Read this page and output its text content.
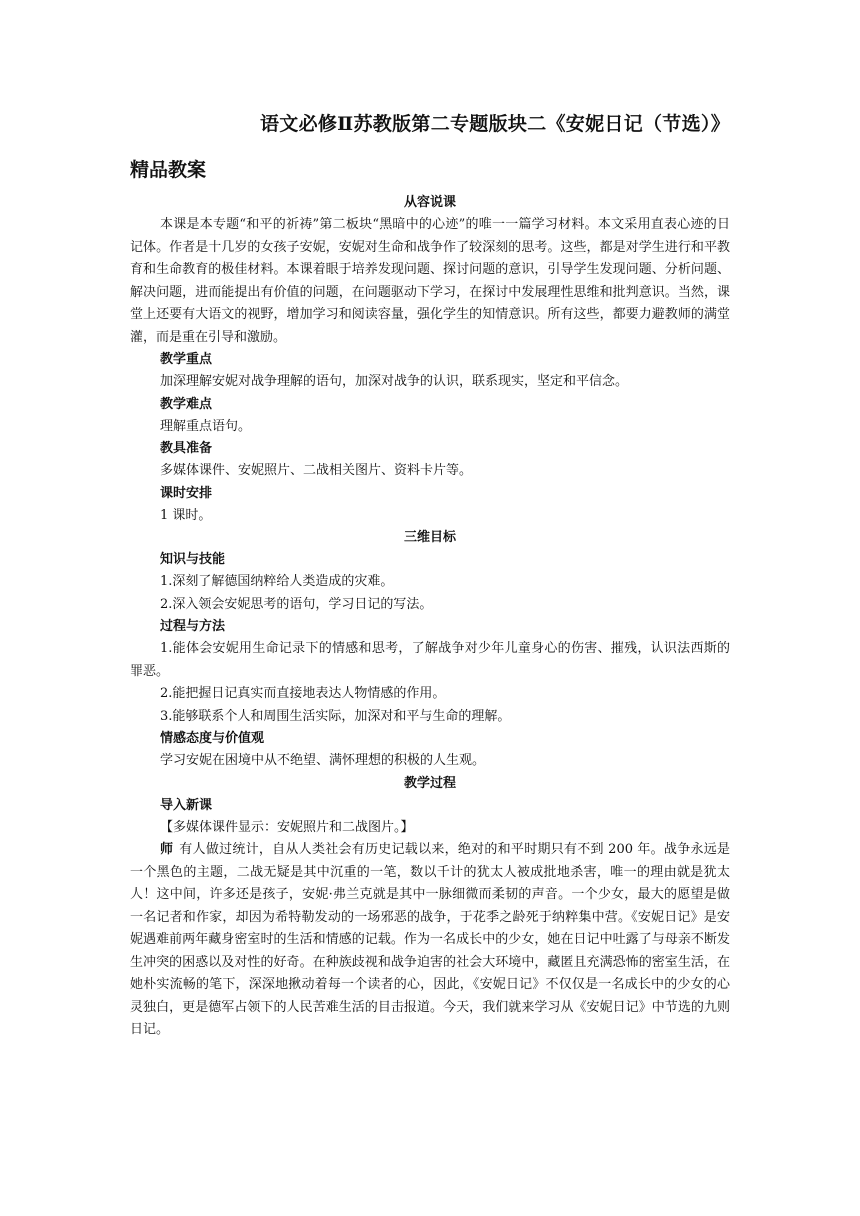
语文必修Ⅱ苏教版第二专题版块二《安妮日记（节选）》
精品教案
从容说课

本课是本专题“和平的祈祷”第二板块“黑暗中的心迹”的唯一一篇学习材料。本文采用直表心迹的日记体。作者是十几岁的女孩子安妮，安妮对生命和战争作了较深刻的思考。这些，都是对学生进行和平教育和生命教育的极佳材料。本课着眼于培养发现问题、探讨问题的意识，引导学生发现问题、分析问题、解决问题，进而能提出有价值的问题，在问题驱动下学习，在探讨中发展理性思维和批判意识。当然，课堂上还要有大语文的视野，增加学习和阅读容量，强化学生的知情意识。所有这些，都要力避教师的满堂灌，而是重在引导和激励。

教学重点

加深理解安妮对战争理解的语句，加深对战争的认识，联系现实，坚定和平信念。

教学难点

理解重点语句。

教具准备

多媒体课件、安妮照片、二战相关图片、资料卡片等。

课时安排

1 课时。

三维目标
知识与技能

1.深刻了解德国纳粹给人类造成的灾难。

2.深入领会安妮思考的语句，学习日记的写法。

过程与方法

1.能体会安妮用生命记录下的情感和思考，了解战争对少年儿童身心的伤害、摧残，认识法西斯的罪恶。

2.能把握日记真实而直接地表达人物情感的作用。

3.能够联系个人和周围生活实际，加深对和平与生命的理解。

情感态度与价值观

学习安妮在困境中从不绝望、满怀理想的积极的人生观。

教学过程
导入新课

【多媒体课件显示：安妮照片和二战图片。】

师 有人做过统计，自从人类社会有历史记载以来，绝对的和平时期只有不到 200 年。战争永远是一个黑色的主题，二战无疑是其中沉重的一笔，数以千计的犹太人被成批地杀害，唯一的理由就是犹太人！这中间，许多还是孩子，安妮·弗兰克就是其中一脉细微而柔韧的声音。一个少女，最大的愿望是做一名记者和作家，却因为希特勒发动的一场邪恶的战争，于花季之龄死于纳粹集中营。《安妮日记》是安妮遇难前两年藏身密室时的生活和情感的记载。作为一名成长中的少女，她在日记中吐露了与母亲不断发生冲突的困惑以及对性的好奇。在种族歧视和战争迫害的社会大环境中，藏匿且充满恐怖的密室生活，在她朴实流畅的笔下，深深地揪动着每一个读者的心，因此，《安妮日记》不仅仅是一名成长中的少女的心灵独白，更是德军占领下的人民苦难生活的目击报道。今天，我们就来学习从《安妮日记》中节选的九则日记。
